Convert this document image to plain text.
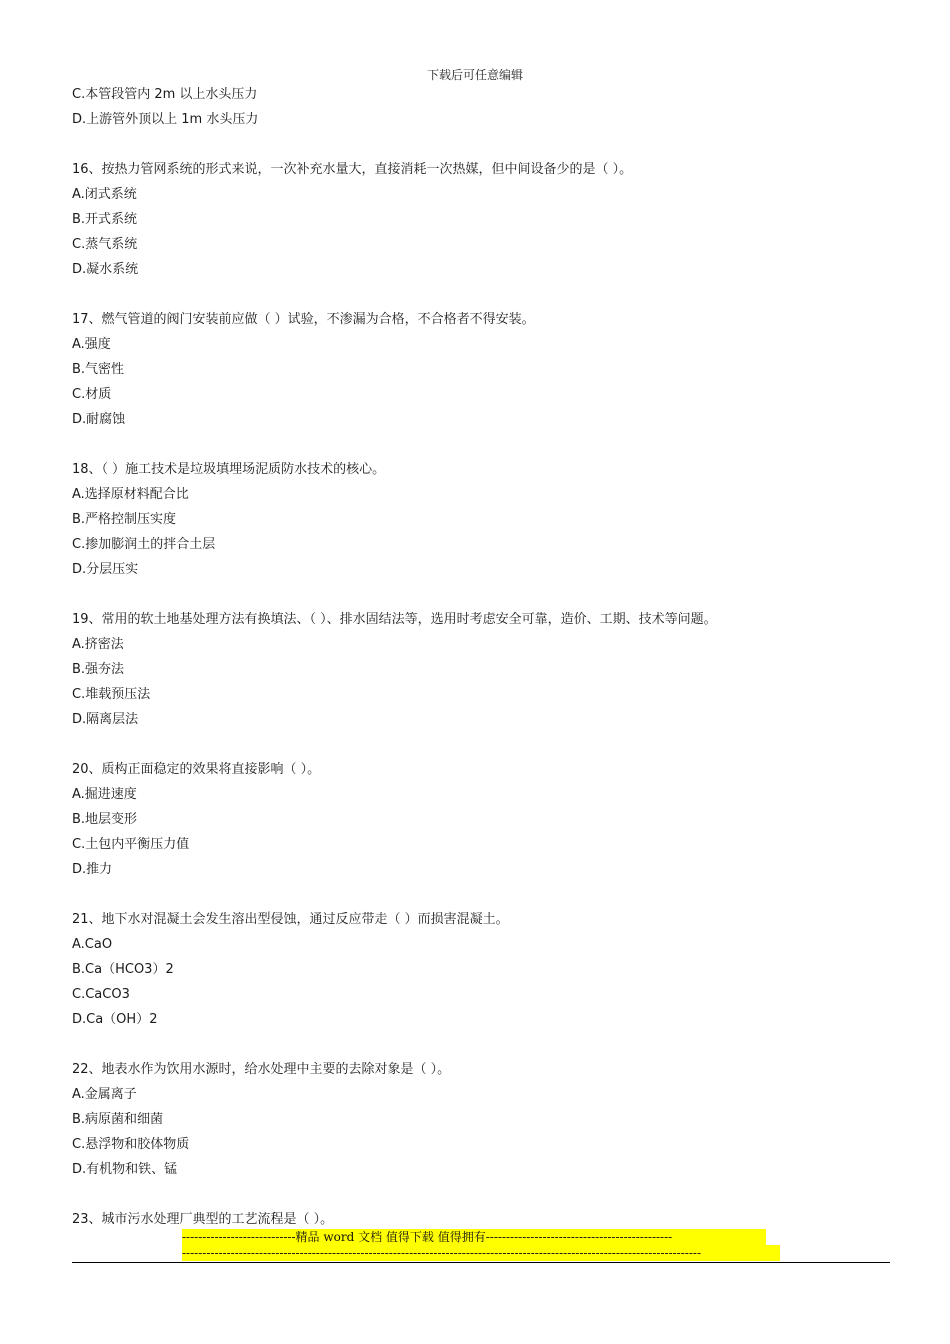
下载后可任意编辑
C.本管段管内 2m 以上水头压力
D.上游管外顶以上 1m 水头压力
16、按热力管网系统的形式来说，一次补充水量大，直接消耗一次热媒，但中间设备少的是（ ）。
A.闭式系统
B.开式系统
C.蒸气系统
D.凝水系统
17、燃气管道的阀门安装前应做（ ）试验，不渗漏为合格，不合格者不得安装。
A.强度
B.气密性
C.材质
D.耐腐蚀
18、（ ）施工技术是垃圾填埋场泥质防水技术的核心。
A.选择原材料配合比
B.严格控制压实度
C.掺加膨润土的拌合土层
D.分层压实
19、常用的软土地基处理方法有换填法、（ ）、排水固结法等，选用时考虑安全可靠，造价、工期、技术等问题。
A.挤密法
B.强夯法
C.堆载预压法
D.隔离层法
20、质构正面稳定的效果将直接影响（ ）。
A.掘进速度
B.地层变形
C.土包内平衡压力值
D.推力
21、地下水对混凝土会发生溶出型侵蚀，通过反应带走（ ）而损害混凝土。
A.CaO
B.Ca（HCO3）2
C.CaCO3
D.Ca（OH）2
22、地表水作为饮用水源时，给水处理中主要的去除对象是（ ）。
A.金属离子
B.病原菌和细菌
C.悬浮物和胶体物质
D.有机物和铁、锰
23、城市污水处理厂典型的工艺流程是（ ）。
----------------------------精品 word 文档 值得下载 值得拥有----------------------------------------------
--------------------------------------------------------------------------------------------------------------------------------
